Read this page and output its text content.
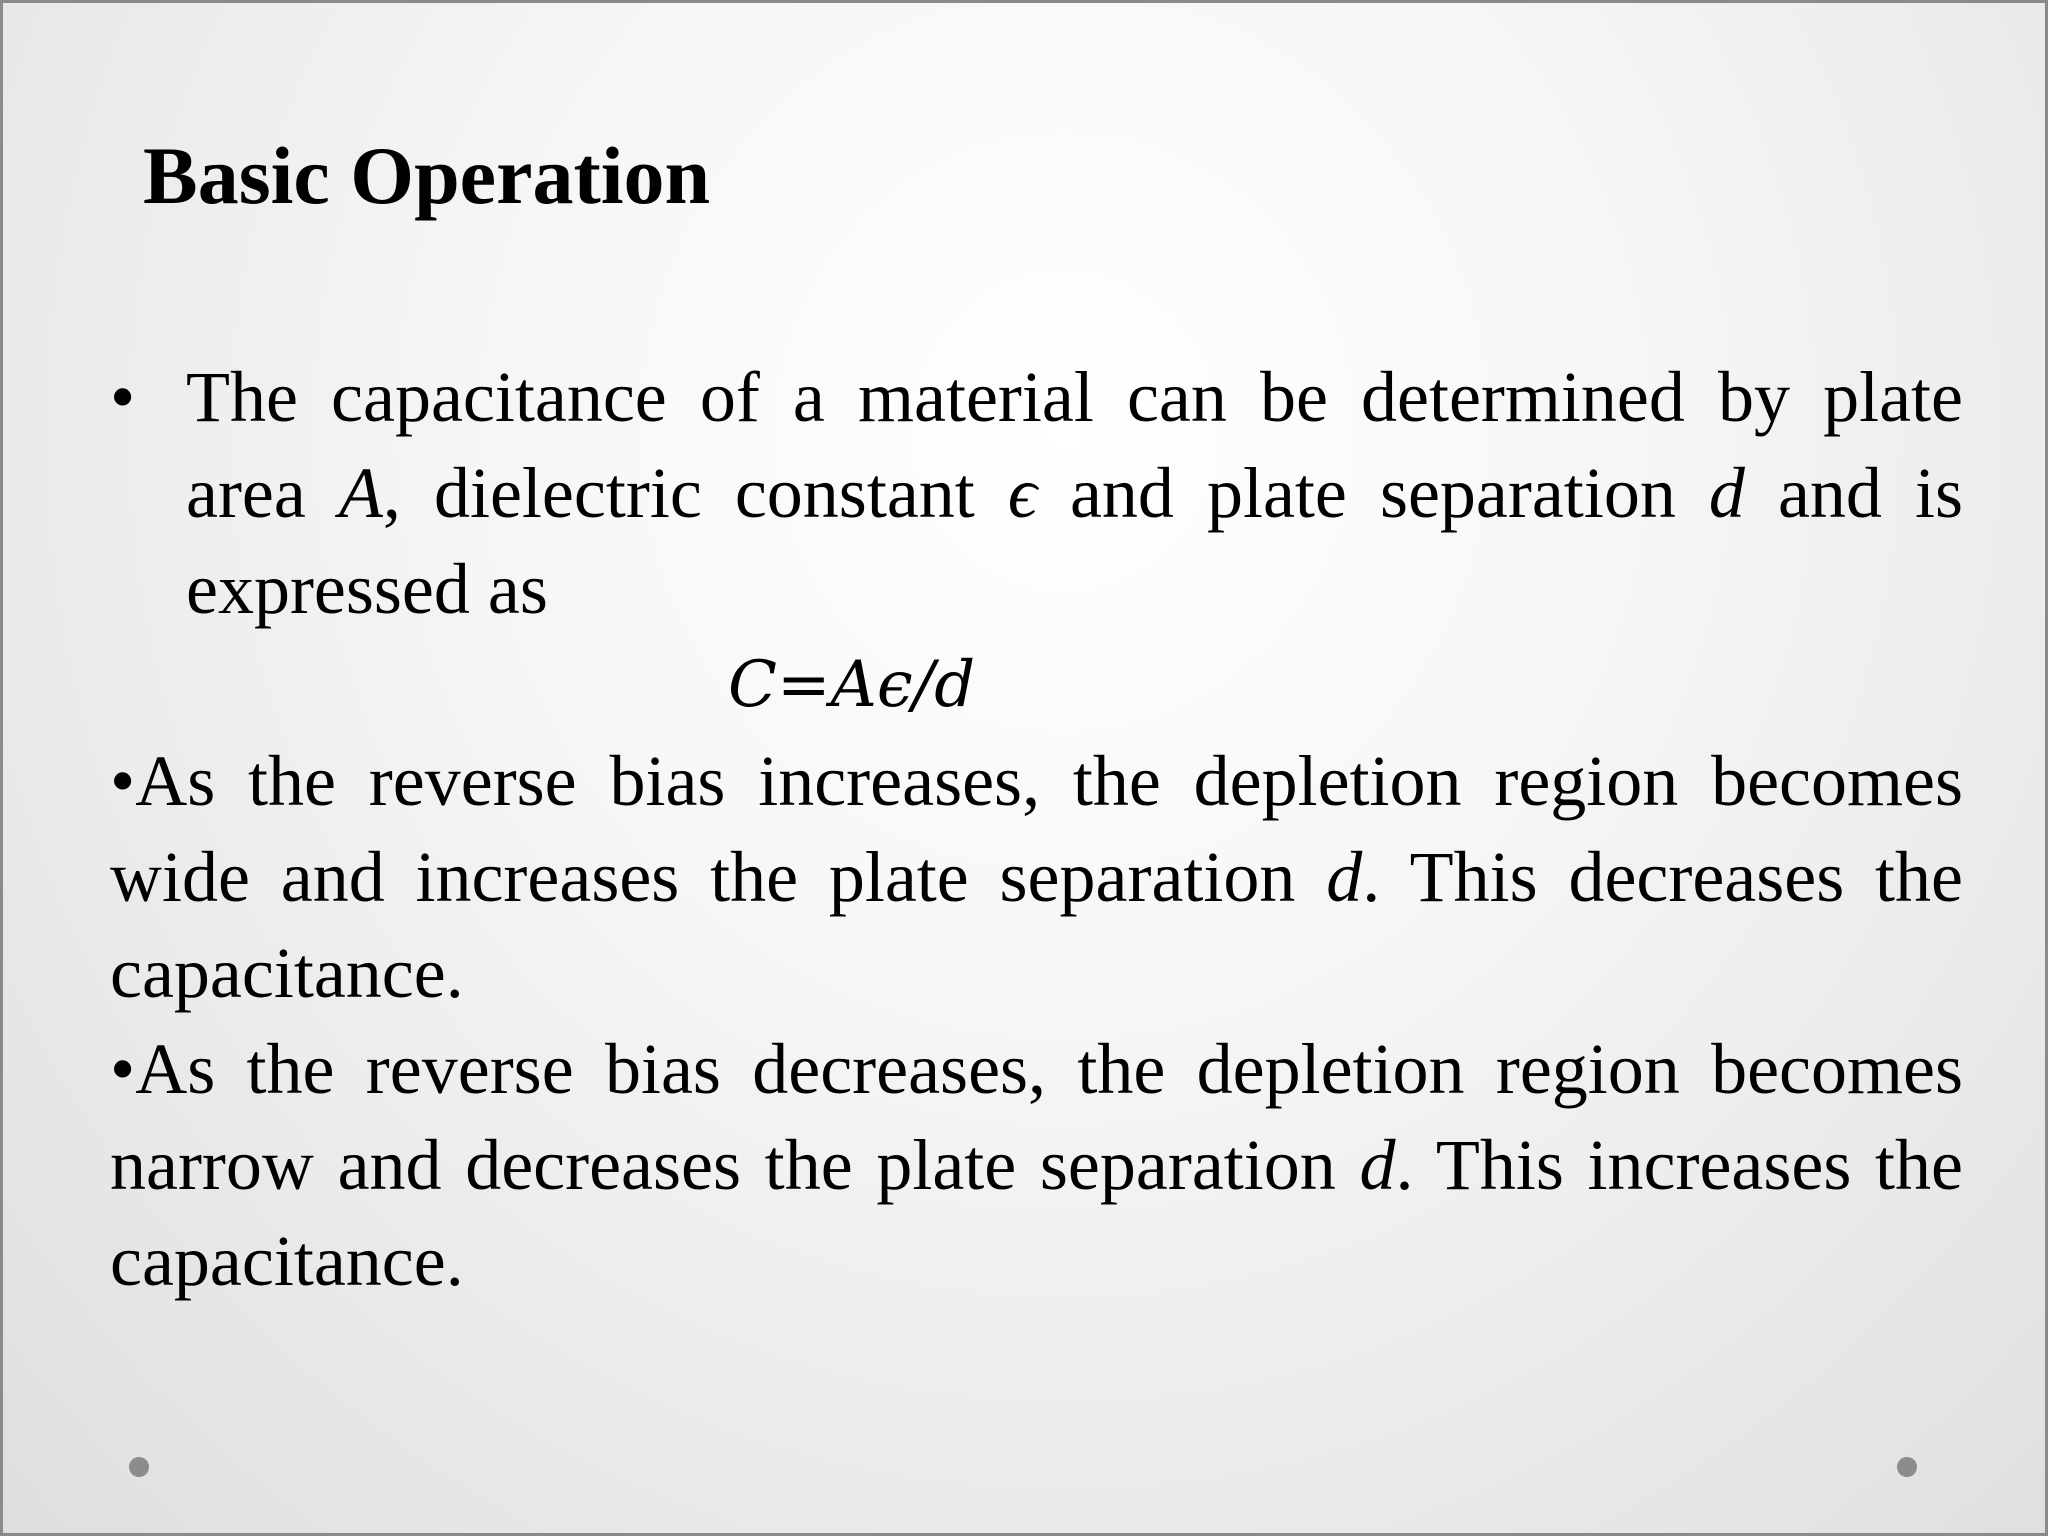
Basic Operation

• The capacitance of a material can be determined by plate area A, dielectric constant ϵ and plate separation d and is expressed as

C=Aϵ/d

•As the reverse bias increases, the depletion region becomes wide and increases the plate separation d. This decreases the capacitance.

•As the reverse bias decreases, the depletion region becomes narrow and decreases the plate separation d. This increases the capacitance.
